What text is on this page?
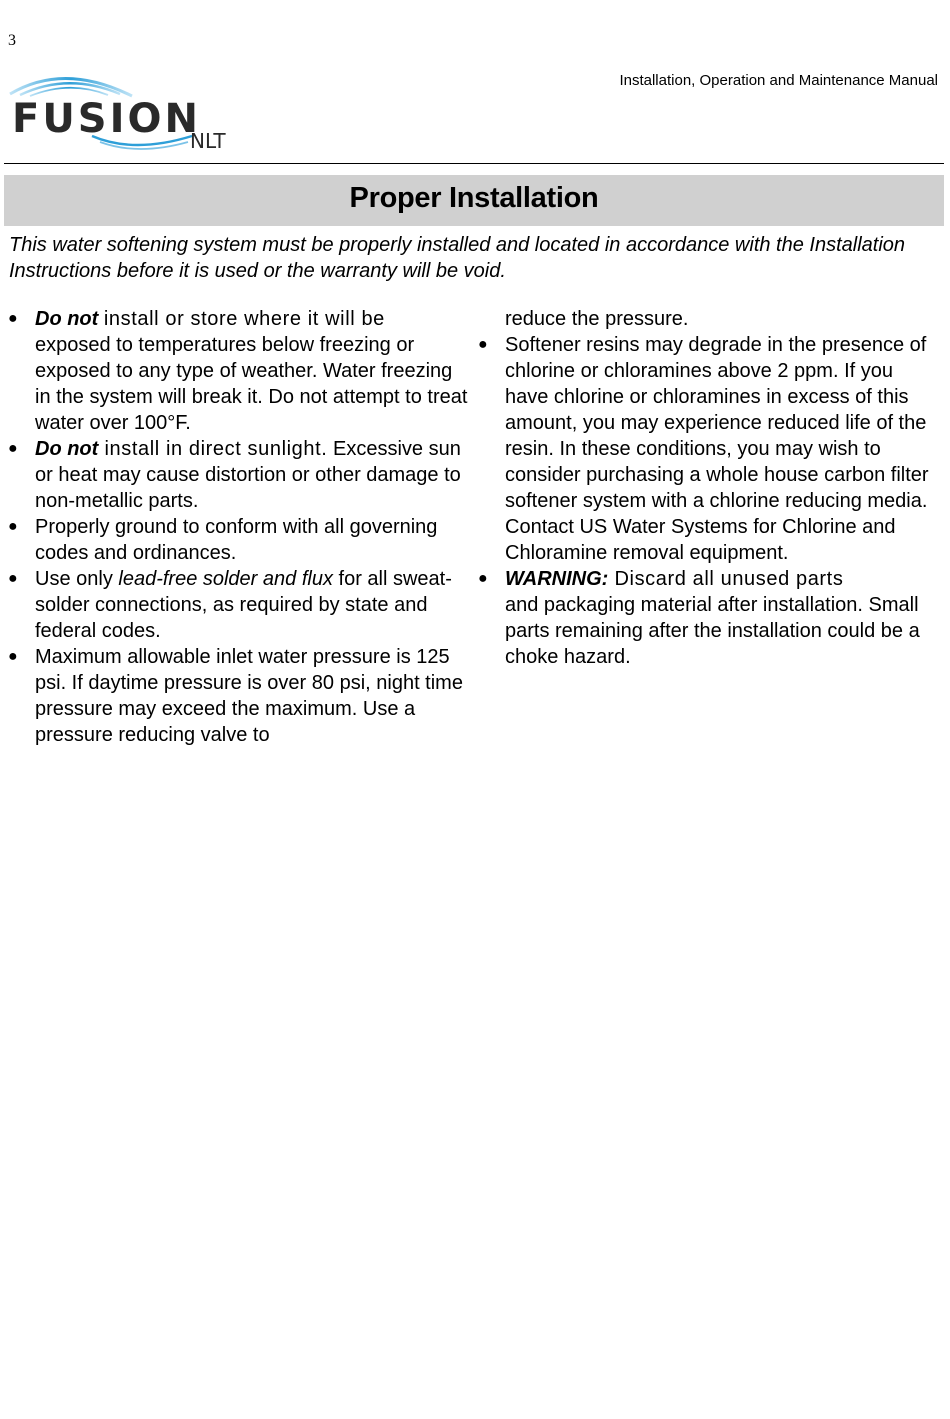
3
FUSION
NLT
Installation, Operation and Maintenance Manual
Proper Installation

This water softening system must be properly installed and located in accordance with the Installation Instructions before it is used or the warranty will be void.

● Do not install or store where it will be
exposed to temperatures below freezing or exposed to any type of weather. Water freezing in the system will break it. Do not attempt to treat water over 100°F.
● Do not install in direct sunlight. Excessive sun or heat may cause distortion or other damage to non-metallic parts.
● Properly ground to conform with all governing codes and ordinances.
● Use only lead-free solder and flux for all sweat-solder connections, as required by state and federal codes.
● Maximum allowable inlet water pressure is 125 psi. If daytime pressure is over 80 psi, night time pressure may exceed the maximum. Use a pressure reducing valve to
reduce the pressure.
● Softener resins may degrade in the presence of chlorine or chloramines above 2 ppm. If you have chlorine or chloramines in excess of this amount, you may experience reduced life of the resin. In these conditions, you may wish to consider purchasing a whole house carbon filter softener system with a chlorine reducing media. Contact US Water Systems for Chlorine and Chloramine removal equipment.
● WARNING: Discard all unused parts
and packaging material after installation. Small parts remaining after the installation could be a choke hazard.
